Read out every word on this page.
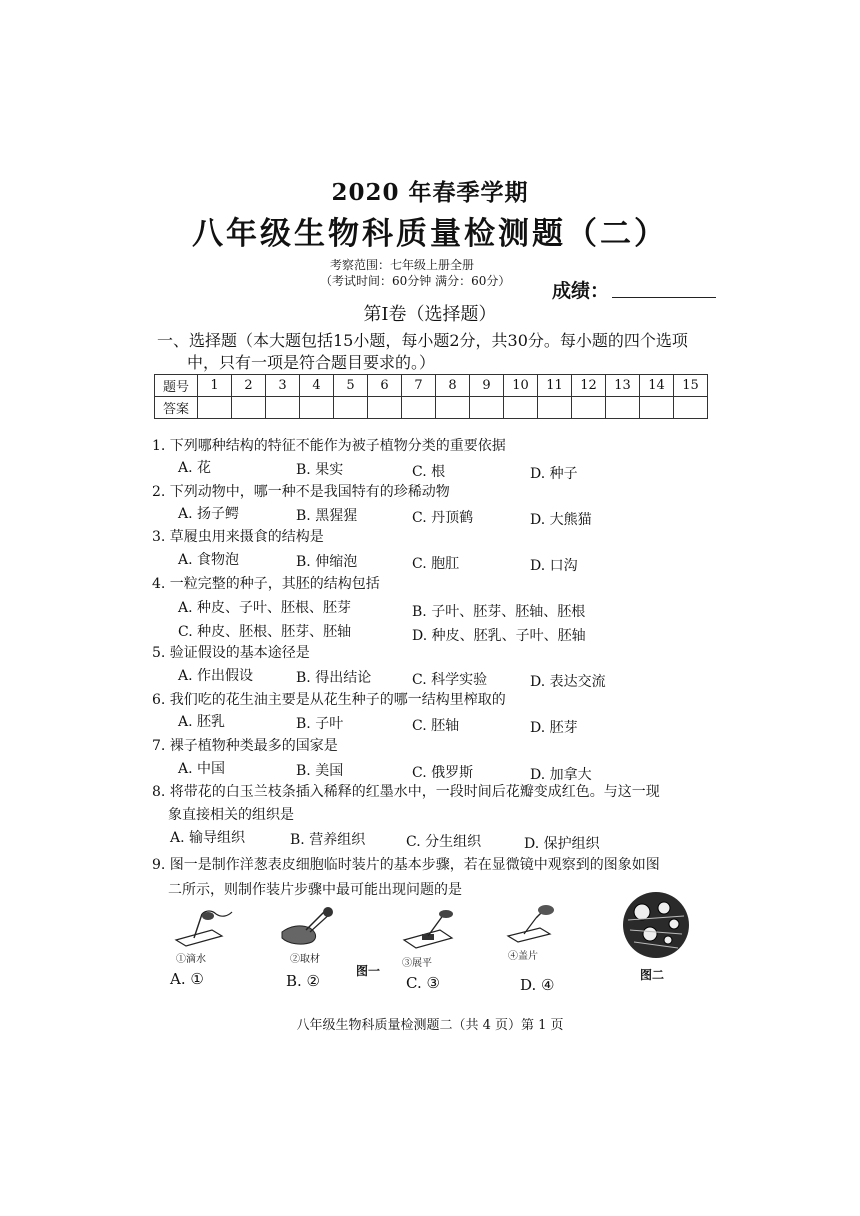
2020 年春季学期
八年级生物科质量检测题（二）
考察范围：七年级上册全册
（考试时间：60分钟 满分：60分） 成绩：
第Ⅰ卷（选择题）
一、选择题（本大题包括15小题，每小题2分，共30分。每小题的四个选项
中，只有一项是符合题目要求的。）
题号	1	2	3	4	5	6	7	8	9	10	11	12	13	14	15
答案															
1. 下列哪种结构的特征不能作为被子植物分类的重要依据
A. 花	B. 果实	C. 根	D. 种子
2. 下列动物中，哪一种不是我国特有的珍稀动物
A. 扬子鳄	B. 黑猩猩	C. 丹顶鹤	D. 大熊猫
3. 草履虫用来摄食的结构是
A. 食物泡	B. 伸缩泡	C. 胞肛	D. 口沟
4. 一粒完整的种子，其胚的结构包括
A. 种皮、子叶、胚根、胚芽	B. 子叶、胚芽、胚轴、胚根
C. 种皮、胚根、胚芽、胚轴	D. 种皮、胚乳、子叶、胚轴
5. 验证假设的基本途径是
A. 作出假设	B. 得出结论	C. 科学实验	D. 表达交流
6. 我们吃的花生油主要是从花生种子的哪一结构里榨取的
A. 胚乳	B. 子叶	C. 胚轴	D. 胚芽
7. 裸子植物种类最多的国家是
A. 中国	B. 美国	C. 俄罗斯	D. 加拿大
8. 将带花的白玉兰枝条插入稀释的红墨水中，一段时间后花瓣变成红色。与这一现
象直接相关的组织是
A. 输导组织	B. 营养组织	C. 分生组织	D. 保护组织
9. 图一是制作洋葱表皮细胞临时装片的基本步骤，若在显微镜中观察到的图象如图
二所示，则制作装片步骤中最可能出现问题的是
①滴水	②取材	③展平
④盖片
图一	图二
A. ①	B. ②	C. ③	D. ④
八年级生物科质量检测题二（共 4 页）第 1 页
